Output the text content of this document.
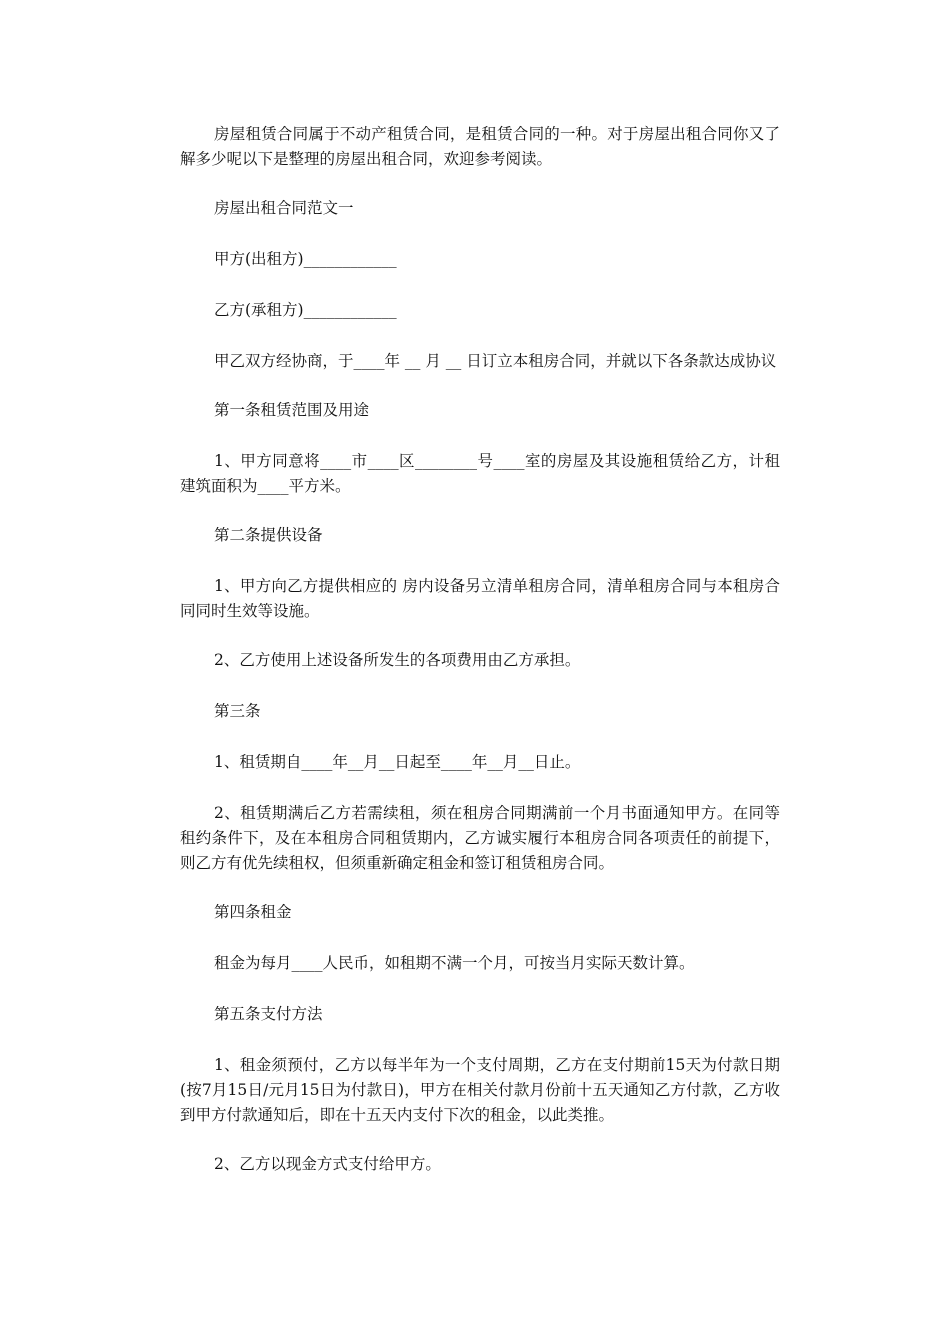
房屋租赁合同属于不动产租赁合同，是租赁合同的一种。对于房屋出租合同你又了解多少呢以下是整理的房屋出租合同，欢迎参考阅读。

房屋出租合同范文一

甲方(出租方)____________

乙方(承租方)____________

甲乙双方经协商，于____年 __ 月 __ 日订立本租房合同，并就以下各条款达成协议

第一条租赁范围及用途

1、甲方同意将____市____区________号____室的房屋及其设施租赁给乙方，计租建筑面积为____平方米。

第二条提供设备

1、甲方向乙方提供相应的 房内设备另立清单租房合同，清单租房合同与本租房合同同时生效等设施。

2、乙方使用上述设备所发生的各项费用由乙方承担。

第三条

1、租赁期自____年__月__日起至____年__月__日止。

2、租赁期满后乙方若需续租，须在租房合同期满前一个月书面通知甲方。在同等租约条件下，及在本租房合同租赁期内，乙方诚实履行本租房合同各项责任的前提下，则乙方有优先续租权，但须重新确定租金和签订租赁租房合同。

第四条租金

租金为每月____人民币，如租期不满一个月，可按当月实际天数计算。

第五条支付方法

1、租金须预付，乙方以每半年为一个支付周期，乙方在支付期前15天为付款日期(按7月15日/元月15日为付款日)，甲方在相关付款月份前十五天通知乙方付款，乙方收到甲方付款通知后，即在十五天内支付下次的租金，以此类推。

2、乙方以现金方式支付给甲方。
